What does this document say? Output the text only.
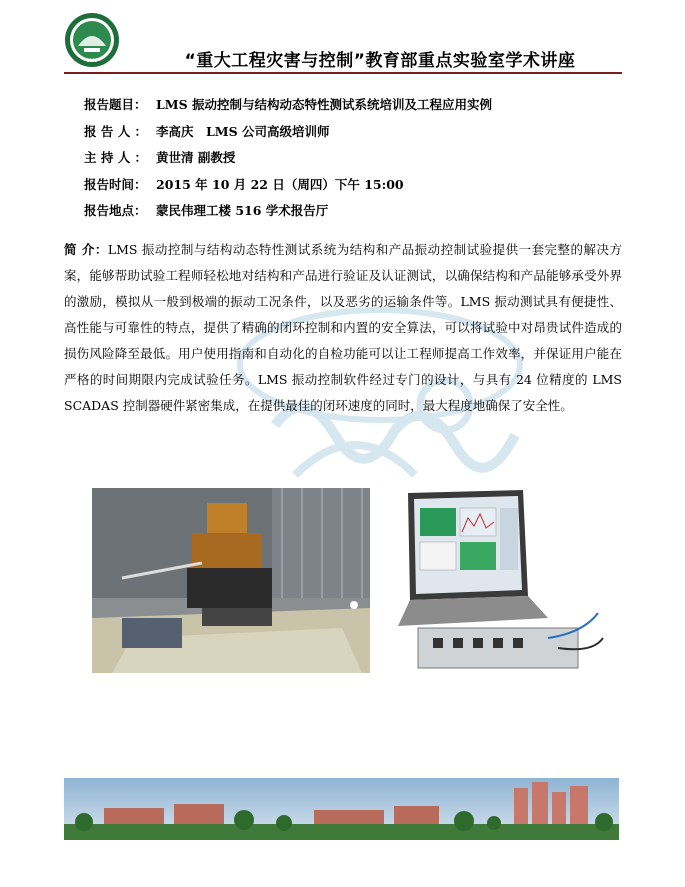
1906	“重大工程灾害与控制”教育部重点实验室学术讲座
报告题目： LMS 振动控制与结构动态特性测试系统培训及工程应用实例
报 告 人 ： 李高庆　LMS 公司高级培训师
主 持 人 ： 黄世清 副教授
报告时间： 2015 年 10 月 22 日（周四）下午 15:00
报告地点： 蒙民伟理工楼 516 学术报告厅
简 介：LMS 振动控制与结构动态特性测试系统为结构和产品振动控制试验提供一套完整的解决方案，能够帮助试验工程师轻松地对结构和产品进行验证及认证测试，以确保结构和产品能够承受外界的激励，模拟从一般到极端的振动工况条件，以及恶劣的运输条件等。LMS 振动测试具有便捷性、高性能与可靠性的特点，提供了精确的闭环控制和内置的安全算法，可以将试验中对昂贵试件造成的损伤风险降至最低。用户使用指南和自动化的自检功能可以让工程师提高工作效率，并保证用户能在严格的时间期限内完成试验任务。LMS 振动控制软件经过专门的设计，与具有 24 位精度的 LMS SCADAS 控制器硬件紧密集成，在提供最佳的闭环速度的同时，最大程度地确保了安全性。
